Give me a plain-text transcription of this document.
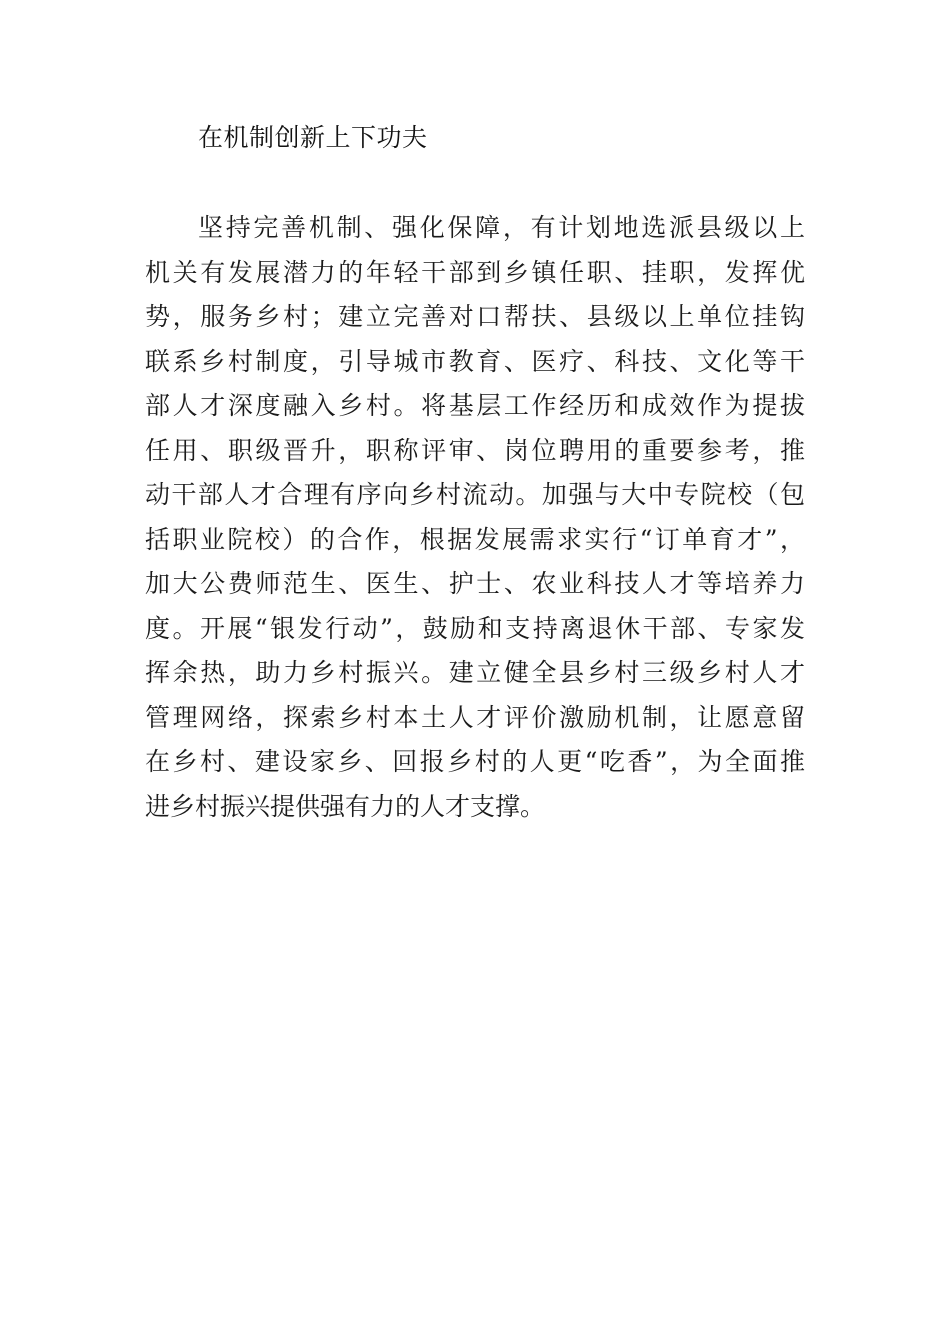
在机制创新上下功夫
坚持完善机制、强化保障，有计划地选派县级以上
机关有发展潜力的年轻干部到乡镇任职、挂职，发挥优
势，服务乡村；建立完善对口帮扶、县级以上单位挂钩
联系乡村制度，引导城市教育、医疗、科技、文化等干
部人才深度融入乡村。将基层工作经历和成效作为提拔
任用、职级晋升，职称评审、岗位聘用的重要参考，推
动干部人才合理有序向乡村流动。加强与大中专院校（包
括职业院校）的合作，根据发展需求实行“订单育才”，
加大公费师范生、医生、护士、农业科技人才等培养力
度。开展“银发行动”，鼓励和支持离退休干部、专家发
挥余热，助力乡村振兴。建立健全县乡村三级乡村人才
管理网络，探索乡村本土人才评价激励机制，让愿意留
在乡村、建设家乡、回报乡村的人更“吃香”，为全面推
进乡村振兴提供强有力的人才支撑。
